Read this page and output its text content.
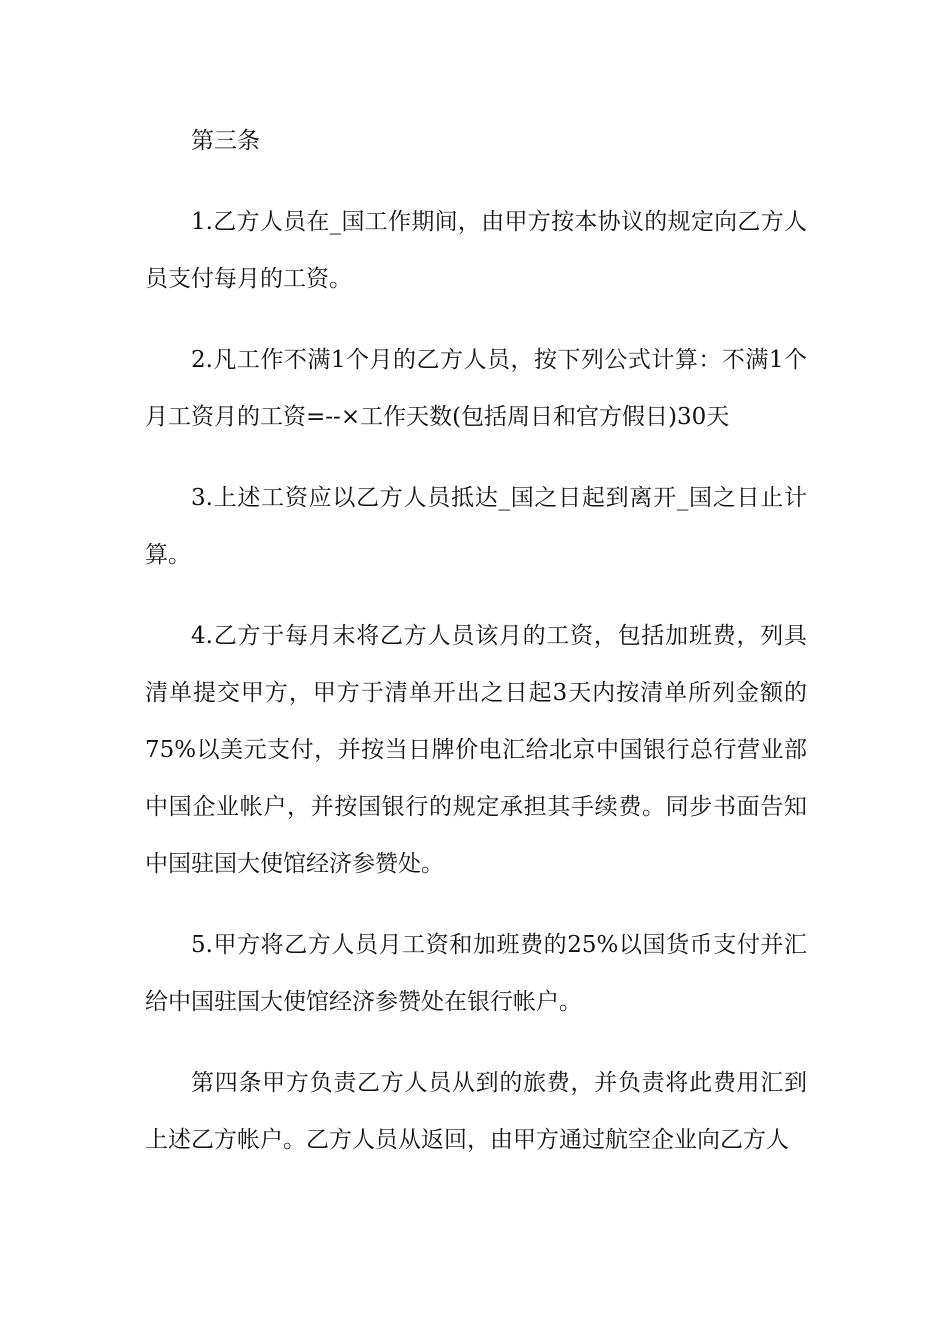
第三条

1.乙方人员在_国工作期间，由甲方按本协议的规定向乙方人员支付每月的工资。

2.凡工作不满1个月的乙方人员，按下列公式计算：不满1个月工资月的工资=--×工作天数(包括周日和官方假日)30天

3.上述工资应以乙方人员抵达_国之日起到离开_国之日止计算。

4.乙方于每月末将乙方人员该月的工资，包括加班费，列具清单提交甲方，甲方于清单开出之日起3天内按清单所列金额的75%以美元支付，并按当日牌价电汇给北京中国银行总行营业部中国企业帐户，并按国银行的规定承担其手续费。同步书面告知中国驻国大使馆经济参赞处。

5.甲方将乙方人员月工资和加班费的25%以国货币支付并汇给中国驻国大使馆经济参赞处在银行帐户。

第四条甲方负责乙方人员从到的旅费，并负责将此费用汇到上述乙方帐户。乙方人员从返回，由甲方通过航空企业向乙方人
